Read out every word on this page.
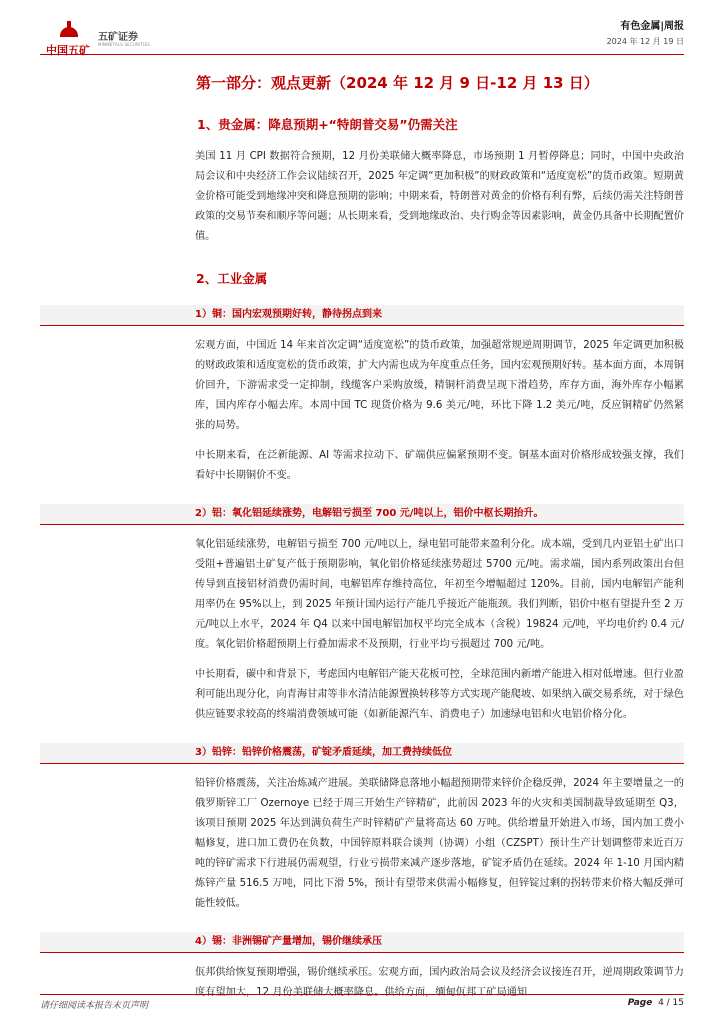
中国五矿
五矿证券
MINMETALS SECURITIES
有色金属|周报
2024 年 12 月 19 日
第一部分：观点更新（2024 年 12 月 9 日-12 月 13 日）
1、贵金属：降息预期+“特朗普交易”仍需关注

美国 11 月 CPI 数据符合预期，12 月份美联储大概率降息，市场预期 1 月暂停降息；同时，中国中央政治局会议和中央经济工作会议陆续召开，2025 年定调“更加积极”的财政政策和“适度宽松”的货币政策。短期黄金价格可能受到地缘冲突和降息预期的影响；中期来看，特朗普对黄金的价格有利有弊，后续仍需关注特朗普政策的交易节奏和顺序等问题；从长期来看，受到地缘政治、央行购金等因素影响，黄金仍具备中长期配置价值。

2、工业金属
1）铜：国内宏观预期好转，静待拐点到来

宏观方面，中国近 14 年来首次定调“适度宽松”的货币政策，加强超常规逆周期调节，2025 年定调更加积极的财政政策和适度宽松的货币政策，扩大内需也成为年度重点任务，国内宏观预期好转。基本面方面，本周铜价回升，下游需求受一定抑制，线缆客户采购放缓，精铜杆消费呈现下滑趋势，库存方面，海外库存小幅累库，国内库存小幅去库。本周中国 TC 现货价格为 9.6 美元/吨，环比下降 1.2 美元/吨，反应铜精矿仍然紧张的局势。

中长期来看，在泛新能源、AI 等需求拉动下、矿端供应偏紧预期不变。铜基本面对价格形成较强支撑，我们看好中长期铜价不变。

2）铝：氧化铝延续涨势，电解铝亏损至 700 元/吨以上，铝价中枢长期抬升。

氧化铝延续涨势，电解铝亏损至 700 元/吨以上，绿电铝可能带来盈利分化。成本端，受到几内亚铝土矿出口受阻+普遍铝土矿复产低于预期影响，氧化铝价格延续涨势超过 5700 元/吨。需求端，国内系列政策出台但传导到直接铝材消费仍需时间，电解铝库存维持高位，年初至今增幅超过 120%。目前，国内电解铝产能利用率仍在 95%以上，到 2025 年预计国内运行产能几乎接近产能瓶颈。我们判断，铝价中枢有望提升至 2 万元/吨以上水平，2024 年 Q4 以来中国电解铝加权平均完全成本（含税）19824 元/吨，平均电价约 0.4 元/度。氧化铝价格超预期上行叠加需求不及预期，行业平均亏损超过 700 元/吨。

中长期看，碳中和背景下，考虑国内电解铝产能天花板可控，全球范围内新增产能进入相对低增速。但行业盈利可能出现分化，向青海甘肃等非水清洁能源置换转移等方式实现产能爬坡、如果纳入碳交易系统，对于绿色供应链要求较高的终端消费领域可能（如新能源汽车、消费电子）加速绿电铝和火电铝价格分化。

3）铅锌：铅锌价格震荡，矿锭矛盾延续，加工费持续低位

铅锌价格震荡，关注冶炼减产进展。美联储降息落地小幅超预期带来锌价企稳反弹，2024 年主要增量之一的俄罗斯锌工厂 Ozernoye 已经于周三开始生产锌精矿，此前因 2023 年的火灾和美国制裁导致延期至 Q3，该项目预期 2025 年达到满负荷生产时锌精矿产量将高达 60 万吨。供给增量开始进入市场，国内加工费小幅修复，进口加工费仍在负数，中国锌原料联合谈判（协调）小组（CZSPT）预计生产计划调整带来近百万吨的锌矿需求下行进展仍需观望，行业亏损带来减产逐步落地，矿锭矛盾仍在延续。2024 年 1-10 月国内精炼锌产量 516.5 万吨，同比下滑 5%，预计有望带来供需小幅修复，但锌锭过剩的拐转带来价格大幅反弹可能性较低。

4）锡：非洲锡矿产量增加，锡价继续承压

佤邦供给恢复预期增强，锡价继续承压。宏观方面，国内政治局会议及经济会议接连召开，逆周期政策调节力度有望加大，12 月份美联储大概率降息。供给方面，缅甸佤邦工矿局通知

请仔细阅读本报告末页声明	Page 4 / 15
